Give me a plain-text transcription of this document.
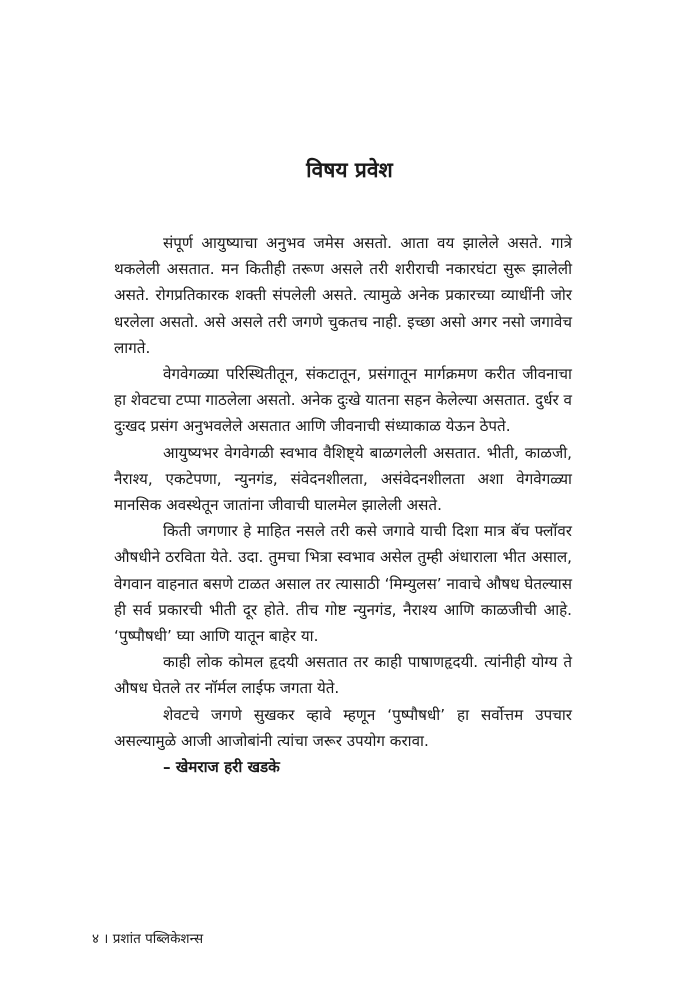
विषय प्रवेश

संपूर्ण आयुष्याचा अनुभव जमेस असतो. आता वय झालेले असते. गात्रे थकलेली असतात. मन कितीही तरूण असले तरी शरीराची नकारघंटा सुरू झालेली असते. रोगप्रतिकारक शक्ती संपलेली असते. त्यामुळे अनेक प्रकारच्या व्याधींनी जोर धरलेला असतो. असे असले तरी जगणे चुकतच नाही. इच्छा असो अगर नसो जगावेच लागते.

वेगवेगळ्या परिस्थितीतून, संकटातून, प्रसंगातून मार्गक्रमण करीत जीवनाचा हा शेवटचा टप्पा गाठलेला असतो. अनेक दुःखे यातना सहन केलेल्या असतात. दुर्धर व दुःखद प्रसंग अनुभवलेले असतात आणि जीवनाची संध्याकाळ येऊन ठेपते.

आयुष्यभर वेगवेगळी स्वभाव वैशिष्ट्ये बाळगलेली असतात. भीती, काळजी, नैराश्य, एकटेपणा, न्युनगंड, संवेदनशीलता, असंवेदनशीलता अशा वेगवेगळ्या मानसिक अवस्थेतून जातांना जीवाची घालमेल झालेली असते.

किती जगणार हे माहित नसले तरी कसे जगावे याची दिशा मात्र बॅच फ्लॉवर औषधीने ठरविता येते. उदा. तुमचा भित्रा स्वभाव असेल तुम्ही अंधाराला भीत असाल, वेगवान वाहनात बसणे टाळत असाल तर त्यासाठी ‘मिम्युलस’ नावाचे औषध घेतल्यास ही सर्व प्रकारची भीती दूर होते. तीच गोष्ट न्युनगंड, नैराश्य आणि काळजीची आहे. ‘पुष्पौषधी’ घ्या आणि यातून बाहेर या.

काही लोक कोमल हृदयी असतात तर काही पाषाणहृदयी. त्यांनीही योग्य ते औषध घेतले तर नॉर्मल लाईफ जगता येते.

शेवटचे जगणे सुखकर व्हावे म्हणून ‘पुष्पौषधी’ हा सर्वोत्तम उपचार असल्यामुळे आजी आजोबांनी त्यांचा जरूर उपयोग करावा.

– खेमराज हरी खडके

४ । प्रशांत पब्लिकेशन्स
